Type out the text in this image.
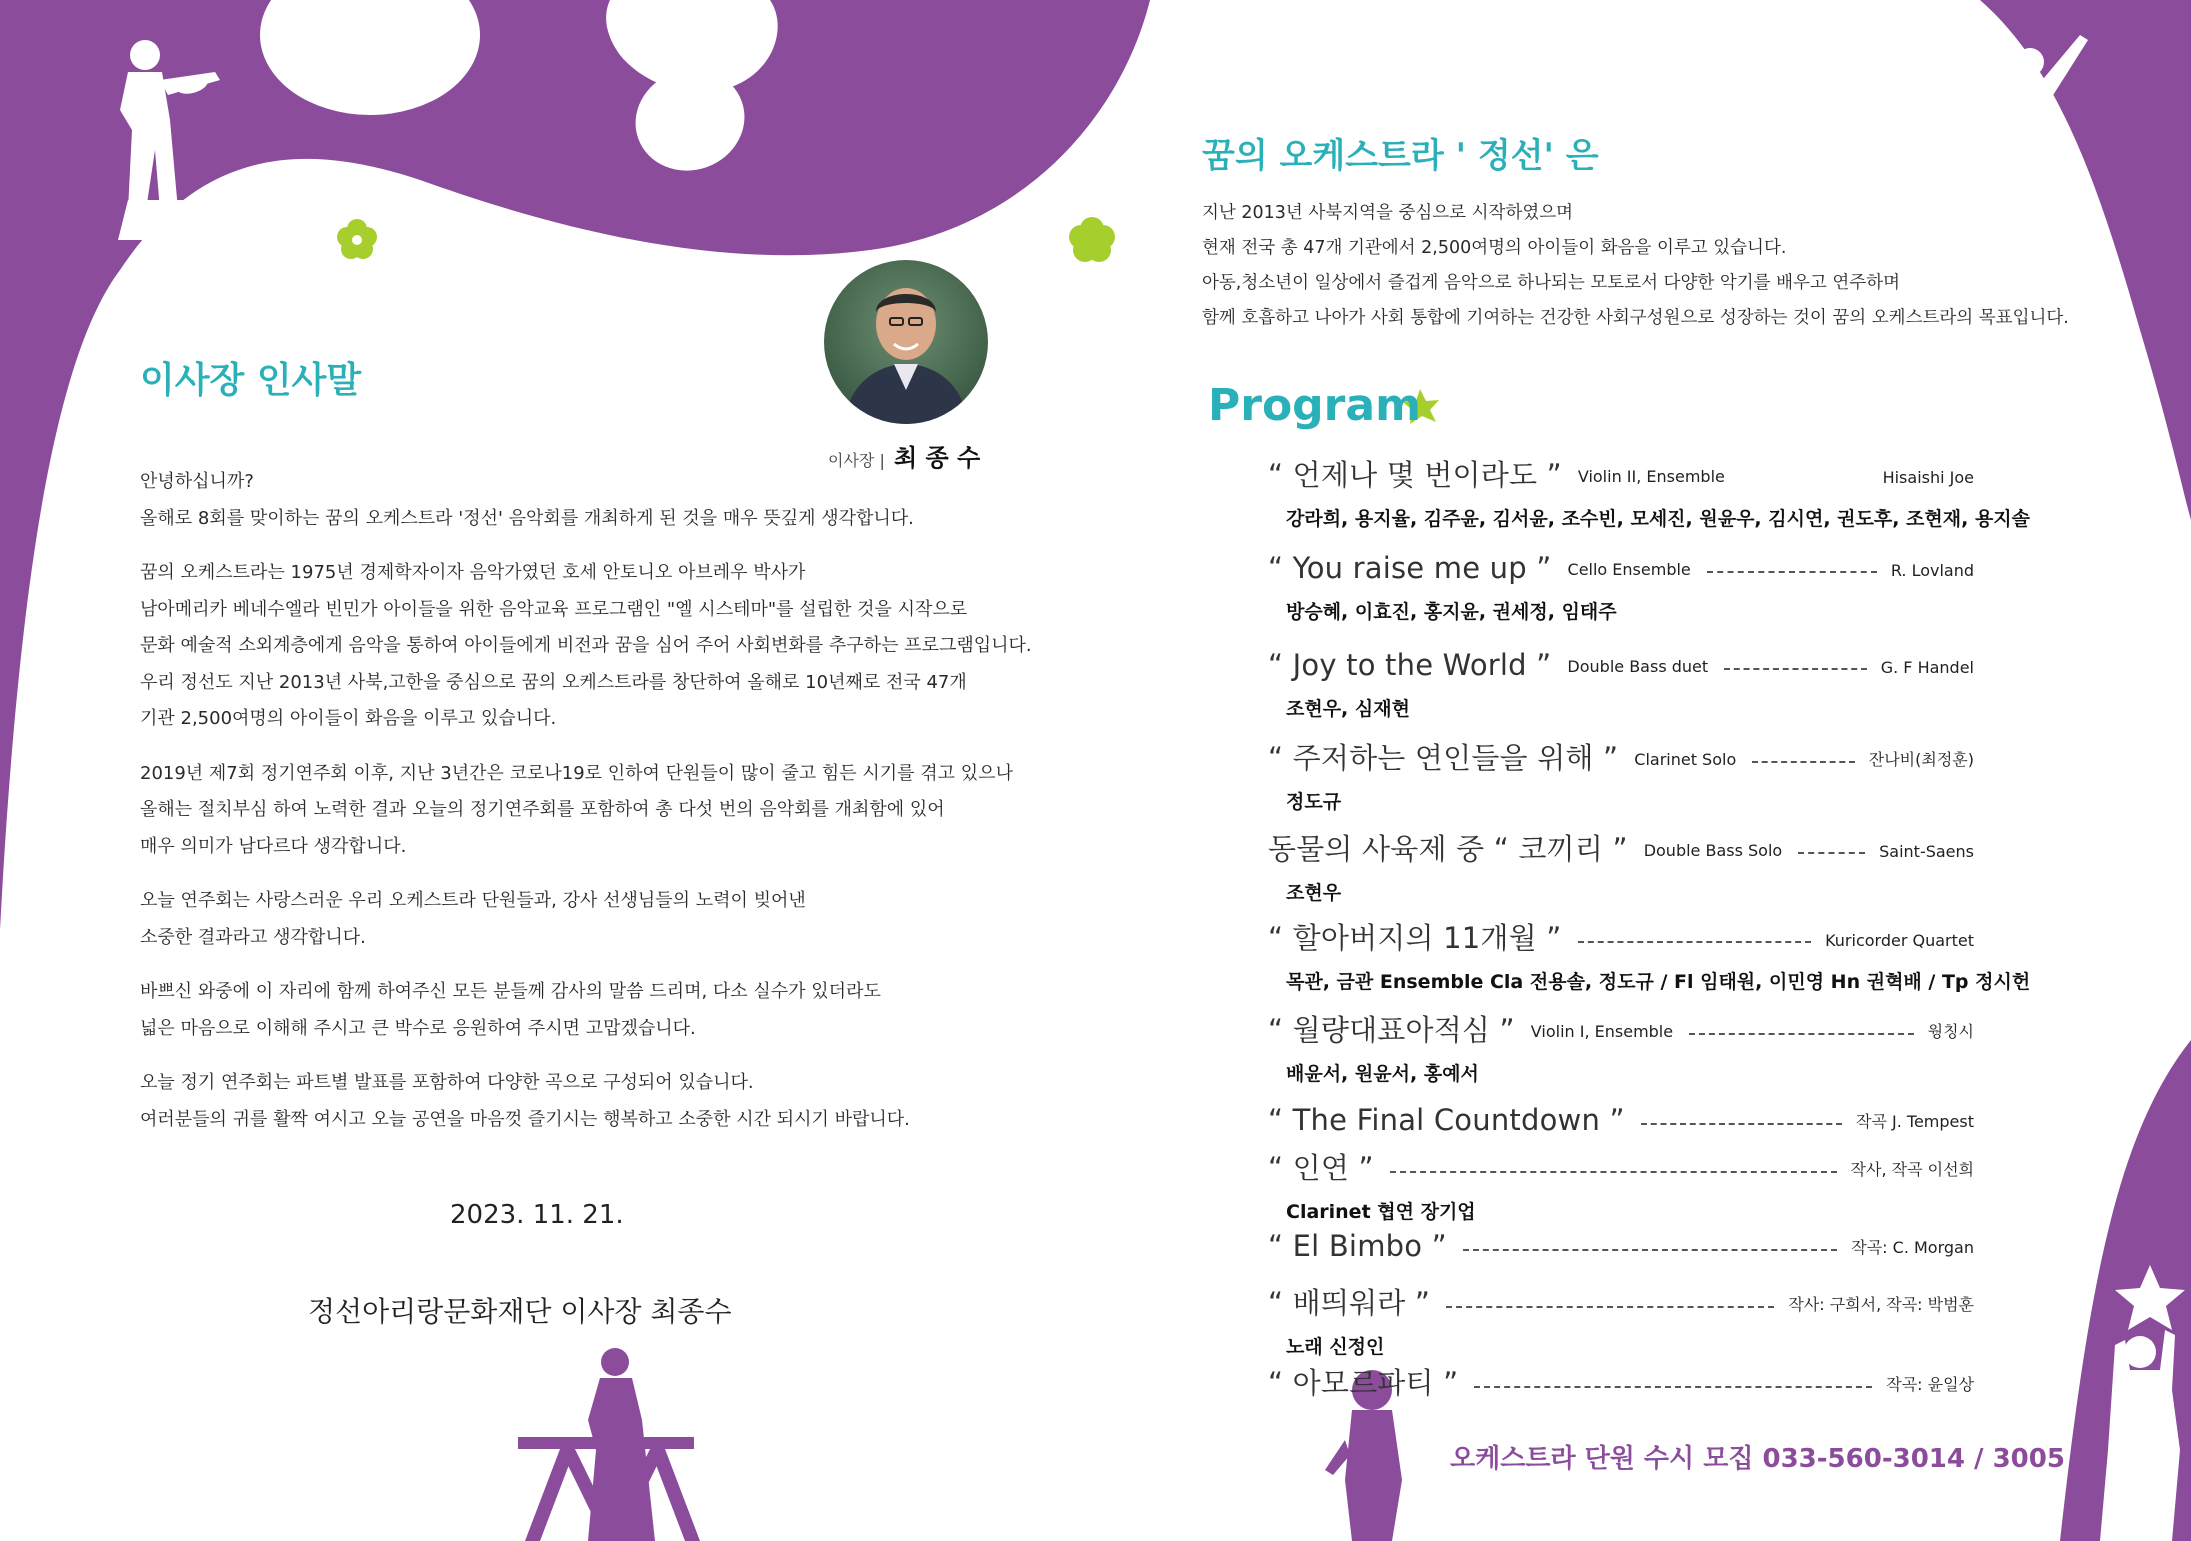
이사장 인사말
이사장 | 최 종 수

안녕하십니까?
올해로 8회를 맞이하는 꿈의 오케스트라 '정선' 음악회를 개최하게 된 것을 매우 뜻깊게 생각합니다.

꿈의 오케스트라는 1975년 경제학자이자 음악가였던 호세 안토니오 아브레우 박사가
남아메리카 베네수엘라 빈민가 아이들을 위한 음악교육 프로그램인 "엘 시스테마"를 설립한 것을 시작으로
문화 예술적 소외계층에게 음악을 통하여 아이들에게 비전과 꿈을 심어 주어 사회변화를 추구하는 프로그램입니다.
우리 정선도 지난 2013년 사북,고한을 중심으로 꿈의 오케스트라를 창단하여 올해로 10년째로 전국 47개
기관 2,500여명의 아이들이 화음을 이루고 있습니다.

2019년 제7회 정기연주회 이후, 지난 3년간은 코로나19로 인하여 단원들이 많이 줄고 힘든 시기를 겪고 있으나
올해는 절치부심 하여 노력한 결과 오늘의 정기연주회를 포함하여 총 다섯 번의 음악회를 개최함에 있어
매우 의미가 남다르다 생각합니다.

오늘 연주회는 사랑스러운 우리 오케스트라 단원들과, 강사 선생님들의 노력이 빚어낸
소중한 결과라고 생각합니다.

바쁘신 와중에 이 자리에 함께 하여주신 모든 분들께 감사의 말씀 드리며, 다소 실수가 있더라도
넓은 마음으로 이해해 주시고 큰 박수로 응원하여 주시면 고맙겠습니다.

오늘 정기 연주회는 파트별 발표를 포함하여 다양한 곡으로 구성되어 있습니다.
여러분들의 귀를 활짝 여시고 오늘 공연을 마음껏 즐기시는 행복하고 소중한 시간 되시기 바랍니다.

2023. 11. 21.
정선아리랑문화재단 이사장 최종수
꿈의 오케스트라 ' 정선' 은
지난 2013년 사북지역을 중심으로 시작하였으며
현재 전국 총 47개 기관에서 2,500여명의 아이들이 화음을 이루고 있습니다.
아동,청소년이 일상에서 즐겁게 음악으로 하나되는 모토로서 다양한 악기를 배우고 연주하며
함께 호흡하고 나아가 사회 통합에 기여하는 건강한 사회구성원으로 성장하는 것이 꿈의 오케스트라의 목표입니다.
Program
“ 언제나 몇 번이라도 ” Violin II, Ensemble	Hisaishi Joe
강라희, 용지율, 김주윤, 김서윤, 조수빈, 모세진, 원윤우, 김시연, 권도후, 조현재, 용지솔
“ You raise me up ” Cello Ensemble	R. Lovland
방승혜, 이효진, 홍지윤, 권세정, 임태주
“ Joy to the World ” Double Bass duet	G. F Handel
조현우, 심재현
“ 주저하는 연인들을 위해 ” Clarinet Solo	잔나비(최정훈)
정도규
동물의 사육제 중 “ 코끼리 ” Double Bass Solo	Saint-Saens
조현우
“ 할아버지의 11개월 ”	Kuricorder Quartet
목관, 금관 Ensemble Cla 전용솔, 정도규 / Fl 임태원, 이민영 Hn 권혁배 / Tp 정시헌
“ 월량대표아적심 ” Violin I, Ensemble	웡칭시
배윤서, 원윤서, 홍예서
“ The Final Countdown ”	작곡 J. Tempest
“ 인연 ”	작사, 작곡 이선희
Clarinet 협연 장기업
“ El Bimbo ”	작곡: C. Morgan
“ 배띄워라 ”	작사: 구희서, 작곡: 박범훈
노래 신정인
“ 아모르파티 ”	작곡: 윤일상
오케스트라 단원 수시 모집 033-560-3014 / 3005
